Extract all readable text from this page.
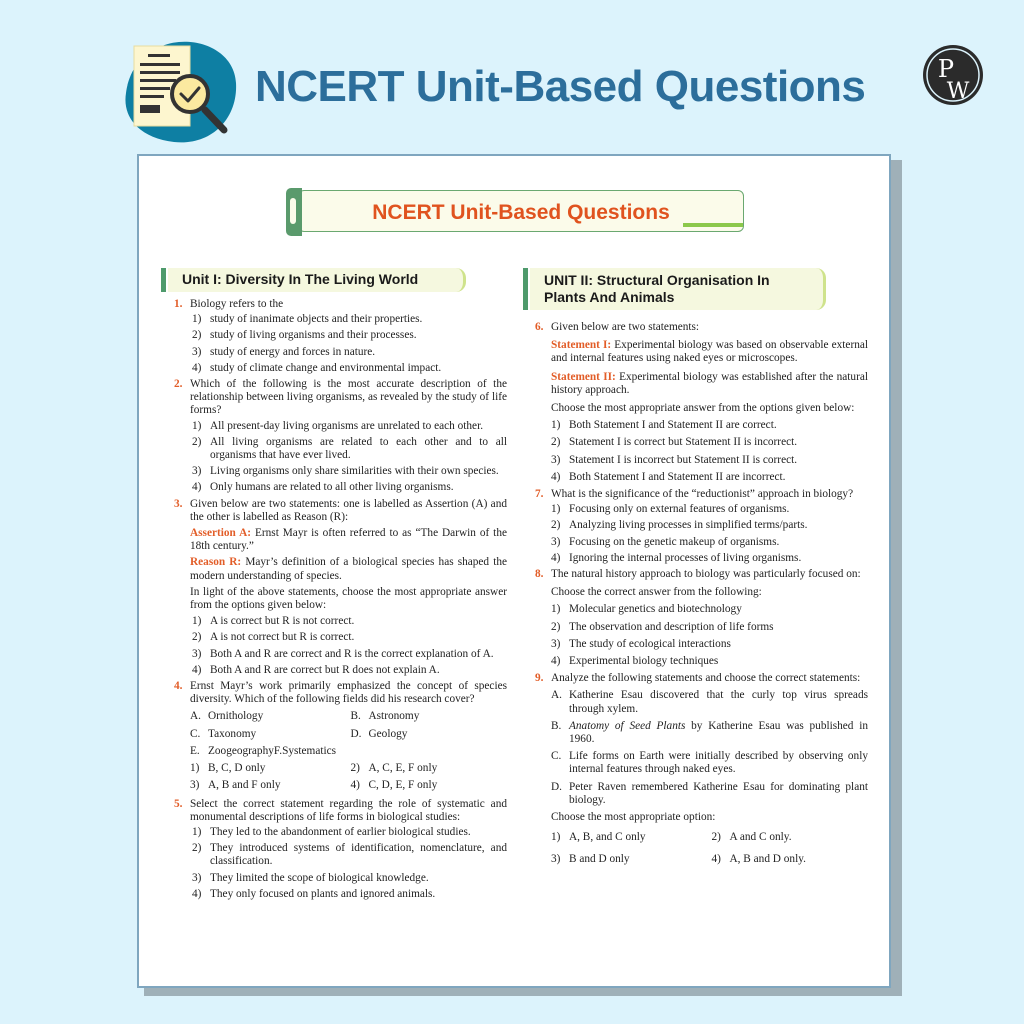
NCERT Unit-Based Questions	P
W
NCERT Unit-Based Questions
Unit I: Diversity In The Living World	UNIT II: Structural Organisation In Plants And Animals
1. Biology refers to the
1) study of inanimate objects and their properties.
2) study of living organisms and their processes.
3) study of energy and forces in nature.
4) study of climate change and environmental impact.
2. Which of the following is the most accurate description of the relationship between living organisms, as revealed by the study of life forms?
1) All present-day living organisms are unrelated to each other.
2) All living organisms are related to each other and to all organisms that have ever lived.
3) Living organisms only share similarities with their own species.
4) Only humans are related to all other living organisms.
3. Given below are two statements: one is labelled as Assertion (A) and the other is labelled as Reason (R):
Assertion A: Ernst Mayr is often referred to as “The Darwin of the 18th century.”
Reason R: Mayr’s definition of a biological species has shaped the modern understanding of species.
In light of the above statements, choose the most appropriate answer from the options given below:
1) A is correct but R is not correct.
2) A is not correct but R is correct.
3) Both A and R are correct and R is the correct explanation of A.
4) Both A and R are correct but R does not explain A.
4. Ernst Mayr’s work primarily emphasized the concept of species diversity. Which of the following fields did his research cover?
A. Ornithology	B. Astronomy
C. Taxonomy	D. Geology
E. ZoogeographyF.Systematics
1) B, C, D only	2) A, C, E, F only
3) A, B and F only	4) C, D, E, F only
5. Select the correct statement regarding the role of systematic and monumental descriptions of life forms in biological studies:
1) They led to the abandonment of earlier biological studies.
2) They introduced systems of identification, nomenclature, and classification.
3) They limited the scope of biological knowledge.
4) They only focused on plants and ignored animals.
6. Given below are two statements:
Statement I: Experimental biology was based on observable external and internal features using naked eyes or microscopes.
Statement II: Experimental biology was established after the natural history approach.
Choose the most appropriate answer from the options given below:
1) Both Statement I and Statement II are correct.
2) Statement I is correct but Statement II is incorrect.
3) Statement I is incorrect but Statement II is correct.
4) Both Statement I and Statement II are incorrect.
7. What is the significance of the “reductionist” approach in biology?
1) Focusing only on external features of organisms.
2) Analyzing living processes in simplified terms/parts.
3) Focusing on the genetic makeup of organisms.
4) Ignoring the internal processes of living organisms.
8. The natural history approach to biology was particularly focused on:
Choose the correct answer from the following:
1) Molecular genetics and biotechnology
2) The observation and description of life forms
3) The study of ecological interactions
4) Experimental biology techniques
9. Analyze the following statements and choose the correct statements:
A. Katherine Esau discovered that the curly top virus spreads through xylem.
B. Anatomy of Seed Plants by Katherine Esau was published in 1960.
C. Life forms on Earth were initially described by observing only internal features through naked eyes.
D. Peter Raven remembered Katherine Esau for dominating plant biology.
Choose the most appropriate option:
1) A, B, and C only	2) A and C only.
3) B and D only	4) A, B and D only.
